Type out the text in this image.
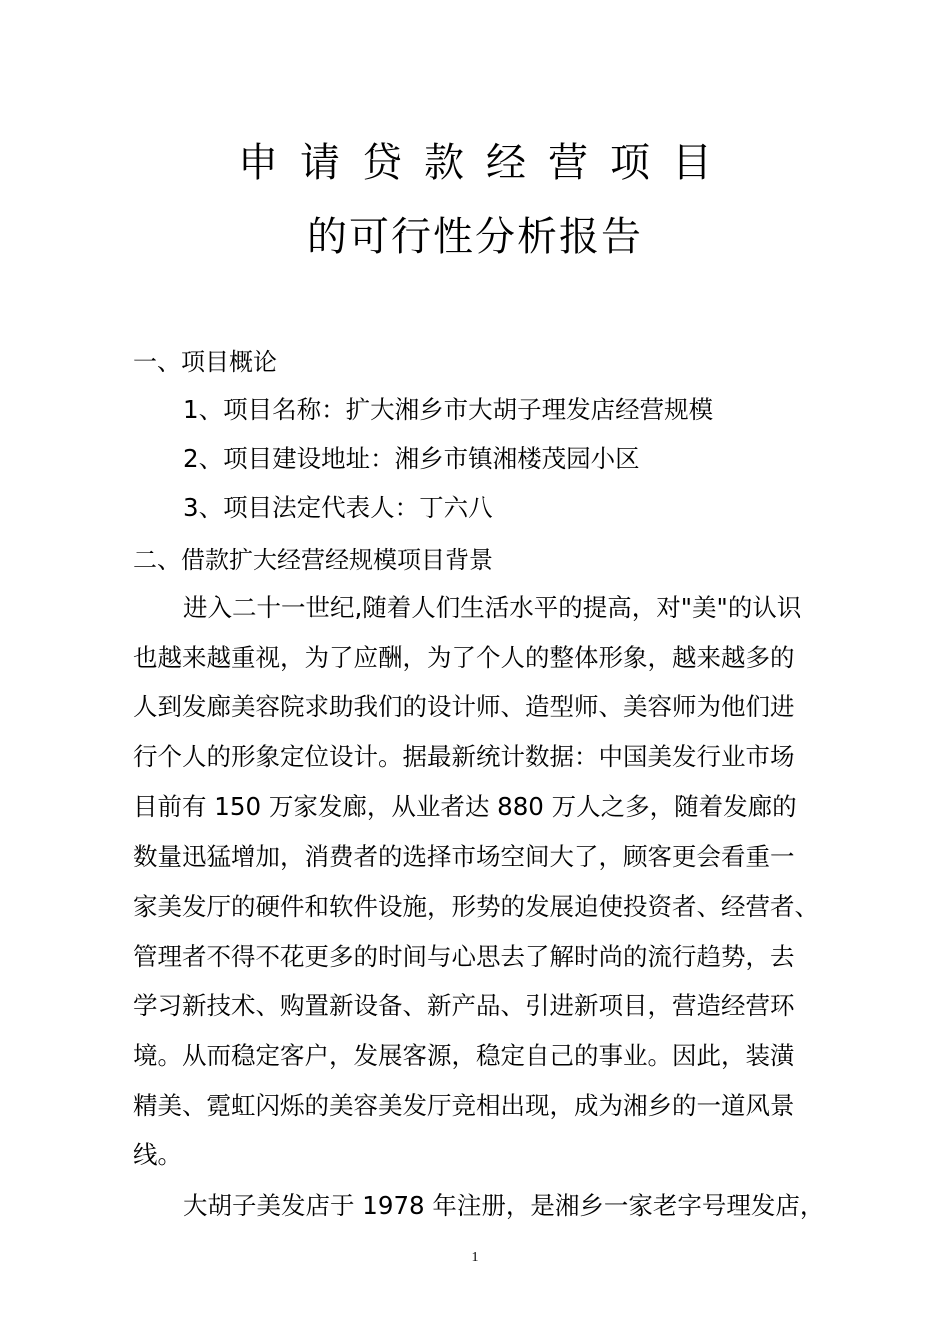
申请贷款经营项目
的可行性分析报告
一、项目概论
1、项目名称：扩大湘乡市大胡子理发店经营规模
2、项目建设地址：湘乡市镇湘楼茂园小区
3、项目法定代表人：丁六八
二、借款扩大经营经规模项目背景
进入二十一世纪,随着人们生活水平的提高，对"美"的认识
也越来越重视，为了应酬，为了个人的整体形象，越来越多的
人到发廊美容院求助我们的设计师、造型师、美容师为他们进
行个人的形象定位设计。据最新统计数据：中国美发行业市场
目前有 150 万家发廊，从业者达 880 万人之多，随着发廊的
数量迅猛增加，消费者的选择市场空间大了，顾客更会看重一
家美发厅的硬件和软件设施，形势的发展迫使投资者、经营者、
管理者不得不花更多的时间与心思去了解时尚的流行趋势，去
学习新技术、购置新设备、新产品、引进新项目，营造经营环
境。从而稳定客户，发展客源，稳定自己的事业。因此，装潢
精美、霓虹闪烁的美容美发厅竞相出现，成为湘乡的一道风景
线。
大胡子美发店于 1978 年注册，是湘乡一家老字号理发店，
1
